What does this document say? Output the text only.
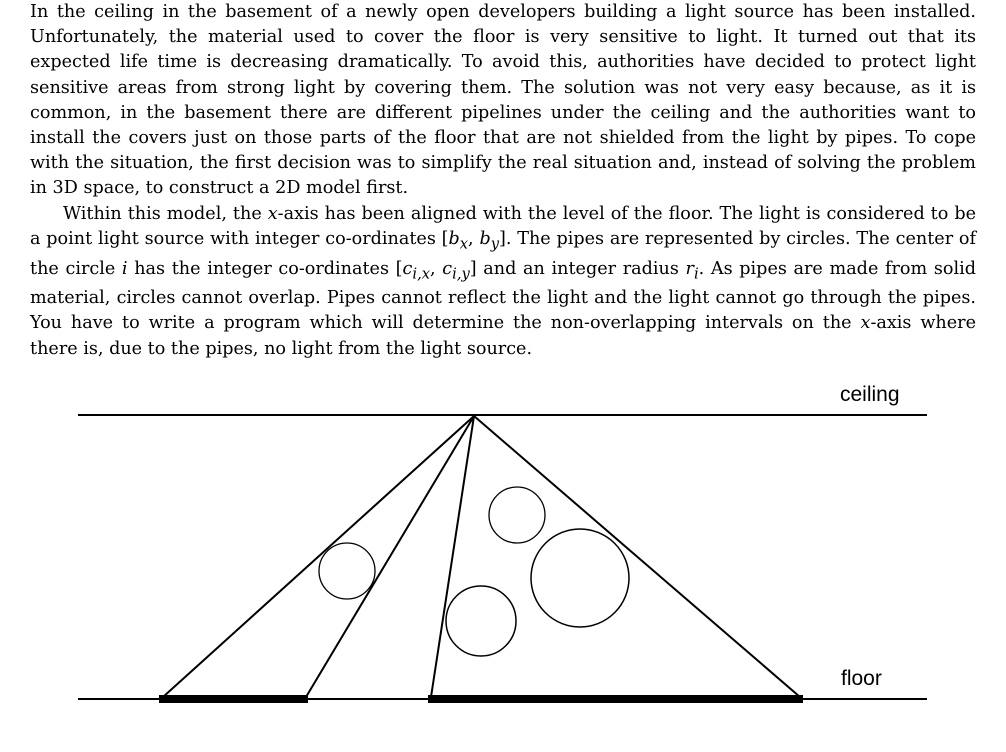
In the ceiling in the basement of a newly open developers building a light source has been installed. Unfortunately, the material used to cover the floor is very sensitive to light. It turned out that its expected life time is decreasing dramatically. To avoid this, authorities have decided to protect light sensitive areas from strong light by covering them. The solution was not very easy because, as it is common, in the basement there are different pipelines under the ceiling and the authorities want to install the covers just on those parts of the floor that are not shielded from the light by pipes. To cope with the situation, the first decision was to simplify the real situation and, instead of solving the problem in 3D space, to construct a 2D model first.

Within this model, the x-axis has been aligned with the level of the floor. The light is considered to be a point light source with integer co-ordinates [$b_x$, $b_y$]. The pipes are represented by circles. The center of the circle i has the integer co-ordinates [$c_{i,x}$, $c_{i,y}$] and an integer radius $r_i$. As pipes are made from solid material, circles cannot overlap. Pipes cannot reflect the light and the light cannot go through the pipes. You have to write a program which will determine the non-overlapping intervals on the x-axis where there is, due to the pipes, no light from the light source.

ceiling
floor
